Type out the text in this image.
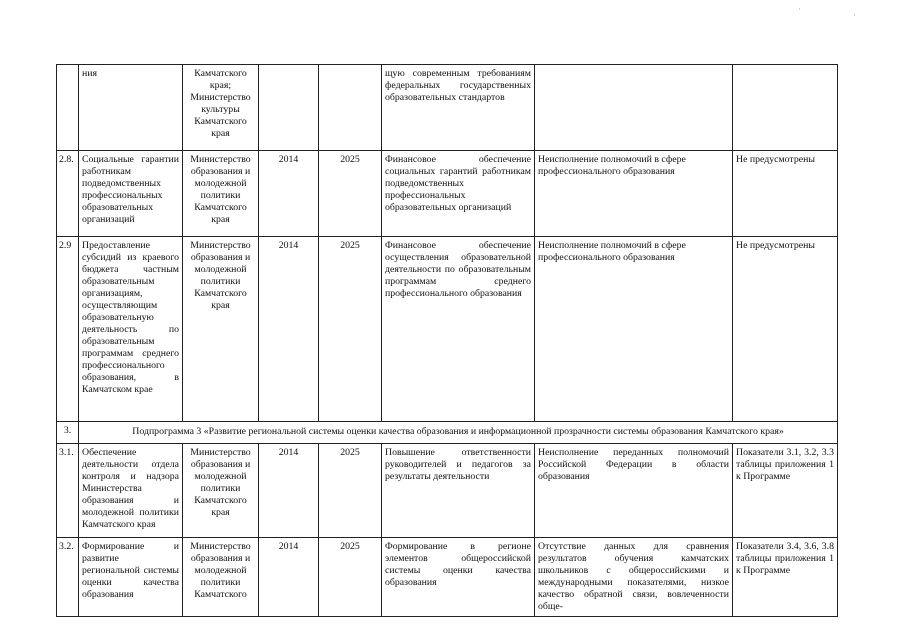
·
·
	ния	Камчатского края; Министерство культуры Камчатского края			щую современным требованиям федеральных государственных образовательных стандартов		
2.8.	Социальные гарантии работникам подведомственных профессиональных образовательных организаций	Министерство образования и молодежной политики Камчатского края	2014	2025	Финансовое обеспечение социальных гарантий работникам подведомственных профессиональных образовательных организаций	Неисполнение полномочий в сфере профессионального образования	Не предусмотрены
2.9	Предоставление субсидий из краевого бюджета частным образовательным организациям, осуществляющим образовательную деятельность по образовательным программам среднего профессионального образования, в Камчатском крае	Министерство образования и молодежной политики Камчатского края	2014	2025	Финансовое обеспечение осуществления образовательной деятельности по образовательным программам среднего профессионального образования	Неисполнение полномочий в сфере профессионального образования	Не предусмотрены
3.	Подпрограмма 3 «Развитие региональной системы оценки качества образования и информационной прозрачности системы образования Камчатского края»						
3.1.	Обеспечение деятельности отдела контроля и надзора Министерства образования и молодежной политики Камчатского края	Министерство образования и молодежной политики Камчатского края	2014	2025	Повышение ответственности руководителей и педагогов за результаты деятельности	Неисполнение переданных полномочий Российской Федерации в области образования	Показатели 3.1, 3.2, 3.3 таблицы приложения 1 к Программе
3.2.	Формирование и развитие региональной системы оценки качества образования	Министерство образования и молодежной политики Камчатского	2014	2025	Формирование в регионе элементов общероссийской системы оценки качества образования	Отсутствие данных для сравнения результатов обучения камчатских школьников с общероссийскими и международными показателями, низкое качество обратной связи, вовлеченности обще-	Показатели 3.4, 3.6, 3.8 таблицы приложения 1 к Программе
